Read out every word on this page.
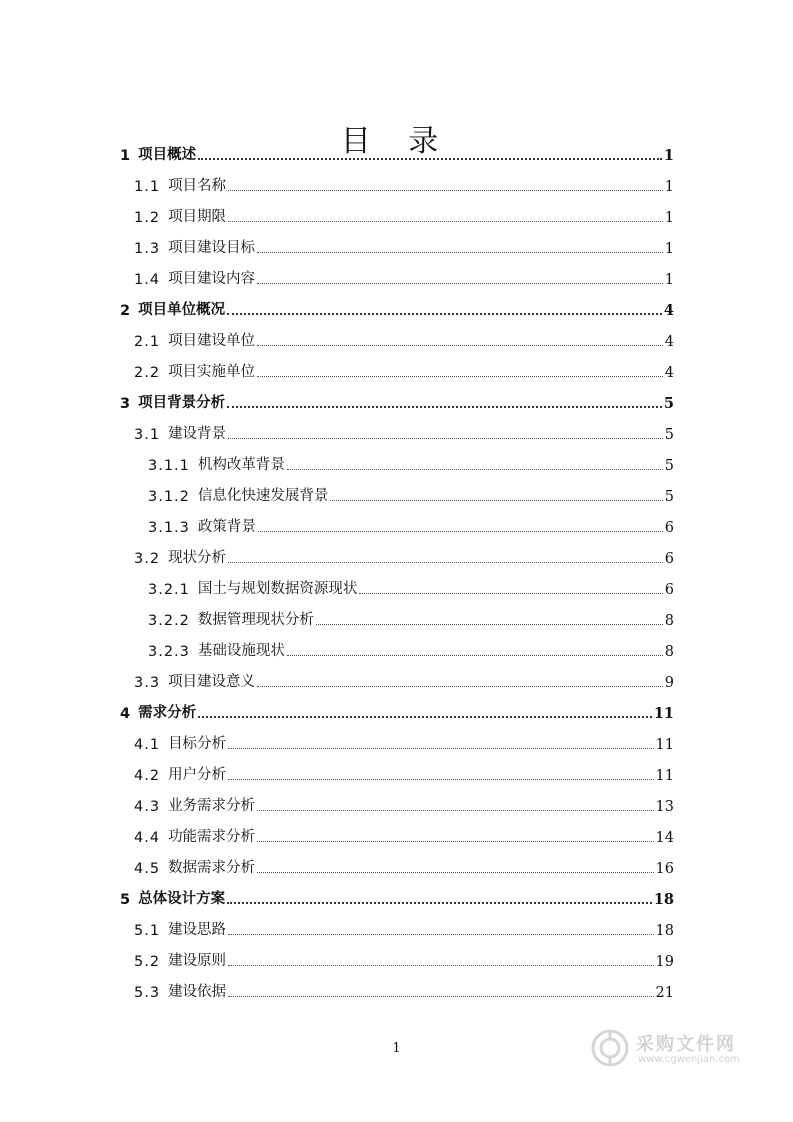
目 录
1 项目概述	1
1.1 项目名称	1
1.2 项目期限	1
1.3 项目建设目标	1
1.4 项目建设内容	1
2 项目单位概况	4
2.1 项目建设单位	4
2.2 项目实施单位	4
3 项目背景分析	5
3.1 建设背景	5
3.1.1 机构改革背景	5
3.1.2 信息化快速发展背景	5
3.1.3 政策背景	6
3.2 现状分析	6
3.2.1 国土与规划数据资源现状	6
3.2.2 数据管理现状分析	8
3.2.3 基础设施现状	8
3.3 项目建设意义	9
4 需求分析	11
4.1 目标分析	11
4.2 用户分析	11
4.3 业务需求分析	13
4.4 功能需求分析	14
4.5 数据需求分析	16
5 总体设计方案	18
5.1 建设思路	18
5.2 建设原则	19
5.3 建设依据	21
1	采购文件网
www.cgwenjian.com
